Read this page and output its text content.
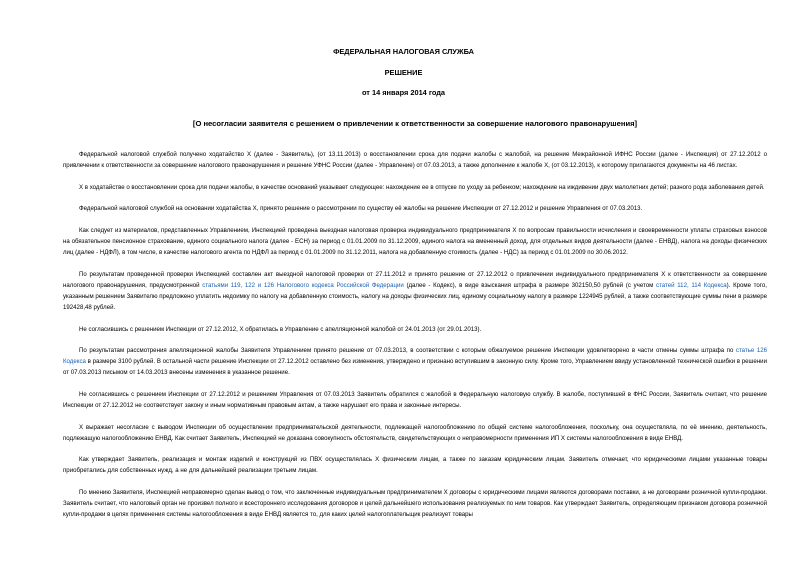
ФЕДЕРАЛЬНАЯ НАЛОГОВАЯ СЛУЖБА
РЕШЕНИЕ
от 14 января 2014 года
[О несогласии заявителя с решением о привлечении к ответственности за совершение налогового правонарушения]

Федеральной налоговой службой получено ходатайство Х (далее - Заявитель), (от 13.11.2013) о восстановлении срока для подачи жалобы с жалобой, на решение Межрайонной ИФНС России (далее - Инспекция) от 27.12.2012 о привлечении к ответственности за совершение налогового правонарушения и решение УФНС России (далее - Управление) от 07.03.2013, а также дополнение к жалобе Х, (от 03.12.2013), к которому прилагаются документы на 46 листах.

Х в ходатайстве о восстановлении срока для подачи жалобы, в качестве оснований указывает следующее: нахождение ее в отпуске по уходу за ребенком; нахождение на иждивении двух малолетних детей; разного рода заболевания детей.

Федеральной налоговой службой на основании ходатайства Х, принято решение о рассмотрении по существу её жалобы на решение Инспекции от 27.12.2012 и решение Управления от 07.03.2013.

Как следует из материалов, представленных Управлением, Инспекцией проведена выездная налоговая проверка индивидуального предпринимателя Х по вопросам правильности исчисления и своевременности уплаты страховых взносов на обязательное пенсионное страхование, единого социального налога (далее - ЕСН) за период с 01.01.2009 по 31.12.2009, единого налога на вмененный доход, для отдельных видов деятельности (далее - ЕНВД), налога на доходы физических лиц (далее - НДФЛ), в том числе, в качестве налогового агента по НДФЛ за период с 01.01.2009 по 31.12.2011, налога на добавленную стоимость (далее - НДС) за период с 01.01.2009 по 30.06.2012.

По результатам проведенной проверки Инспекцией составлен акт выездной налоговой проверки от 27.11.2012 и принято решение от 27.12.2012 о привлечении индивидуального предпринимателя Х к ответственности за совершение налогового правонарушения, предусмотренной статьями 119, 122 и 126 Налогового кодекса Российской Федерации (далее - Кодекс), в виде взыскания штрафа в размере 302150,50 рублей (с учетом статей 112, 114 Кодекса). Кроме того, указанным решением Заявителю предложено уплатить недоимку по налогу на добавленную стоимость, налогу на доходы физических лиц, единому социальному налогу в размере 1224945 рублей, а также соответствующие суммы пени в размере 192428,48 рублей.

Не согласившись с решением Инспекции от 27.12.2012, Х обратилась в Управление с апелляционной жалобой от 24.01.2013 (от 29.01.2013).

По результатам рассмотрения апелляционной жалобы Заявителя Управлением принято решение от 07.03.2013, в соответствии с которым обжалуемое решение Инспекции удовлетворено в части отмены суммы штрафа по статье 126 Кодекса в размере 3100 рублей. В остальной части решение Инспекции от 27.12.2012 оставлено без изменения, утверждено и признано вступившим в законную силу. Кроме того, Управлением ввиду установленной технической ошибки в решении от 07.03.2013 письмом от 14.03.2013 внесены изменения в указанное решение.

Не согласившись с решением Инспекции от 27.12.2012 и решением Управления от 07.03.2013 Заявитель обратился с жалобой в Федеральную налоговую службу. В жалобе, поступившей в ФНС России, Заявитель считает, что решение Инспекции от 27.12.2012 не соответствует закону и иным нормативным правовым актам, а также нарушает его права и законные интересы.

Х выражает несогласие с выводом Инспекции об осуществлении предпринимательской деятельности, подлежащей налогообложению по общей системе налогообложения, поскольку, она осуществляла, по её мнению, деятельность, подлежащую налогообложению ЕНВД. Как считает Заявитель, Инспекцией не доказана совокупность обстоятельств, свидетельствующих о неправомерности применения ИП Х системы налогообложения в виде ЕНВД.

Как утверждает Заявитель, реализация и монтаж изделий и конструкций из ПВХ осуществлялась Х физическим лицам, а также по заказам юридическим лицам. Заявитель отмечает, что юридическими лицами указанные товары приобретались для собственных нужд, а не для дальнейшей реализации третьим лицам.

По мнению Заявителя, Инспекцией неправомерно сделан вывод о том, что заключенные индивидуальным предпринимателем Х договоры с юридическими лицами являются договорами поставки, а не договорами розничной купли-продажи. Заявитель считает, что налоговый орган не произвел полного и всестороннего исследования договоров и целей дальнейшего использования реализуемых по ним товаров. Как утверждает Заявитель, определяющим признаком договора розничной купли-продажи в целях применения системы налогообложения в виде ЕНВД является то, для каких целей налогоплательщик реализует товары
